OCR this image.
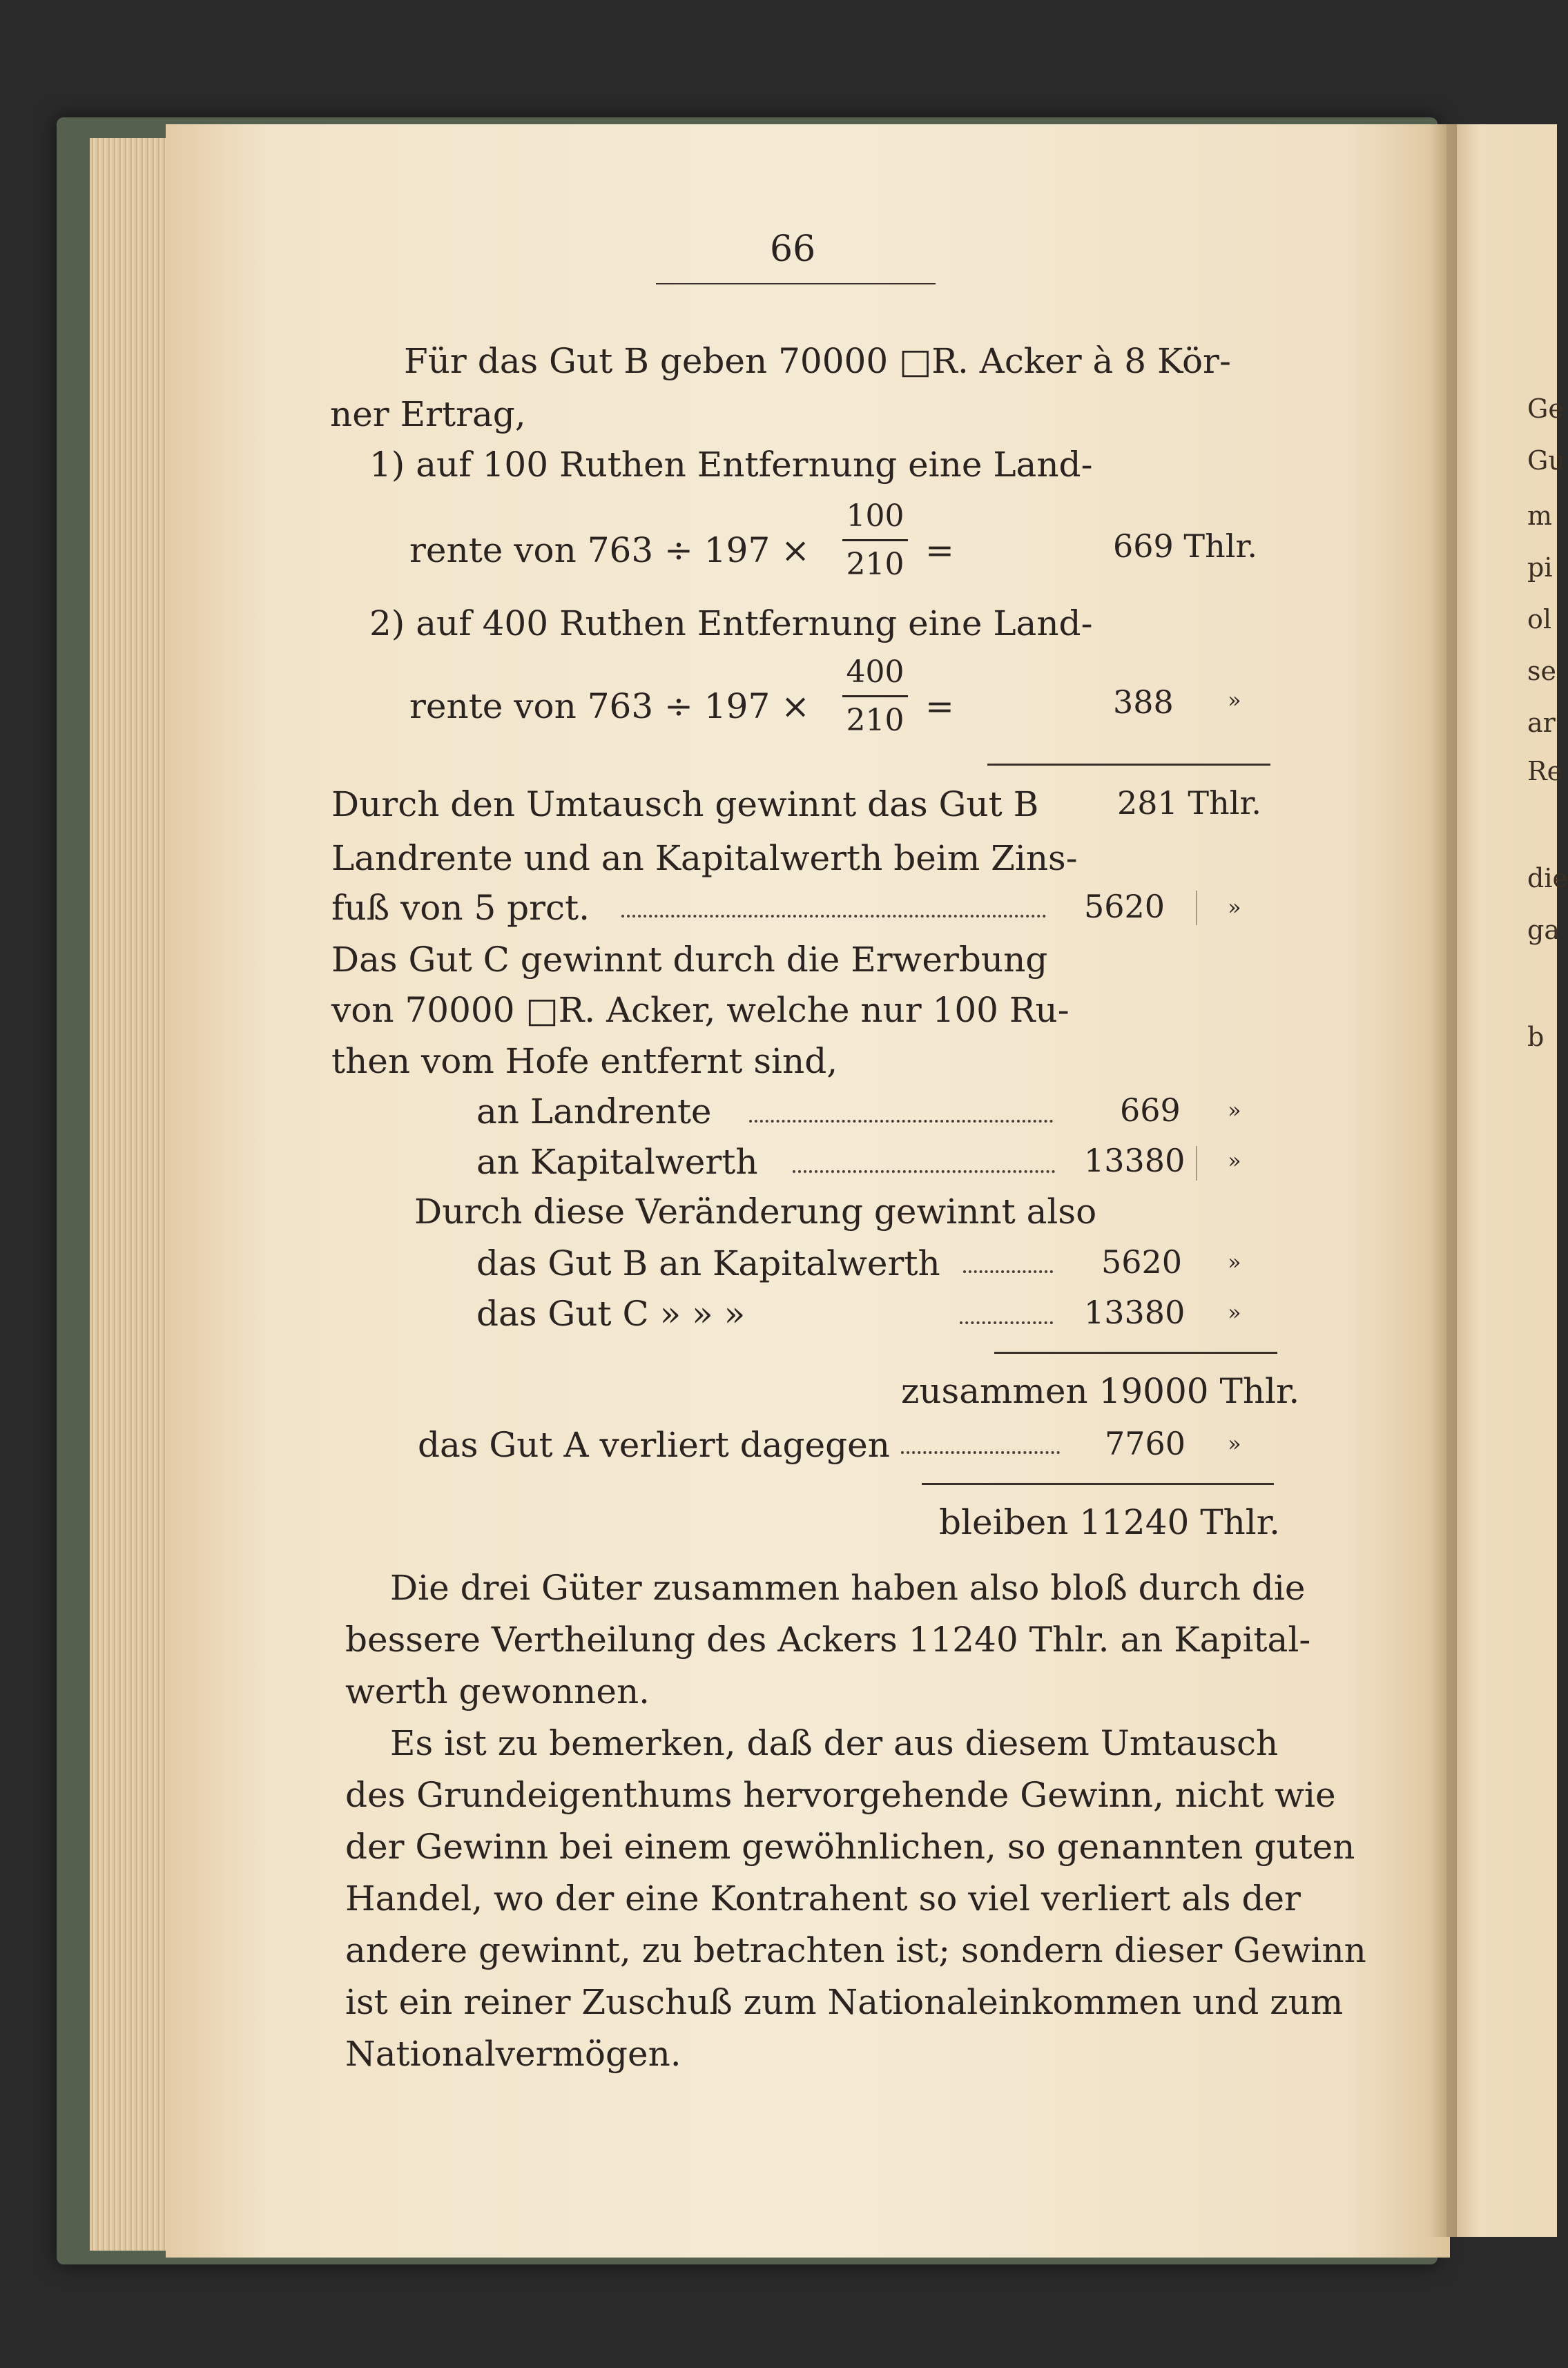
Ge
Gu
m
pi
ol
se
ar
Re
die
ga
b
66
Für das Gut B geben 70000 □R. Acker à 8 Kör-
ner Ertrag,
1) auf 100 Ruthen Entfernung eine Land-
rente von 763 ÷ 197 ×
100
210 =	669 Thlr.
2) auf 400 Ruthen Entfernung eine Land-
rente von 763 ÷ 197 ×
400
210 =	388 »
Durch den Umtausch gewinnt das Gut B 281 Thlr.
Landrente und an Kapitalwerth beim Zins-
fuß von 5 prct.	5620	»
Das Gut C gewinnt durch die Erwerbung
von 70000 □R. Acker, welche nur 100 Ru-
then vom Hofe entfernt sind,
an Landrente	669 »
an Kapitalwerth	13380 »
Durch diese Veränderung gewinnt also
das Gut B an Kapitalwerth	5620 »
das Gut C » » »	13380 »
zusammen 19000 Thlr.
das Gut A verliert dagegen	7760 »
bleiben 11240 Thlr.
Die drei Güter zusammen haben also bloß durch die
bessere Vertheilung des Ackers 11240 Thlr. an Kapital-
werth gewonnen.
Es ist zu bemerken, daß der aus diesem Umtausch
des Grundeigenthums hervorgehende Gewinn, nicht wie
der Gewinn bei einem gewöhnlichen, so genannten guten
Handel, wo der eine Kontrahent so viel verliert als der
andere gewinnt, zu betrachten ist; sondern dieser Gewinn
ist ein reiner Zuschuß zum Nationaleinkommen und zum
Nationalvermögen.
